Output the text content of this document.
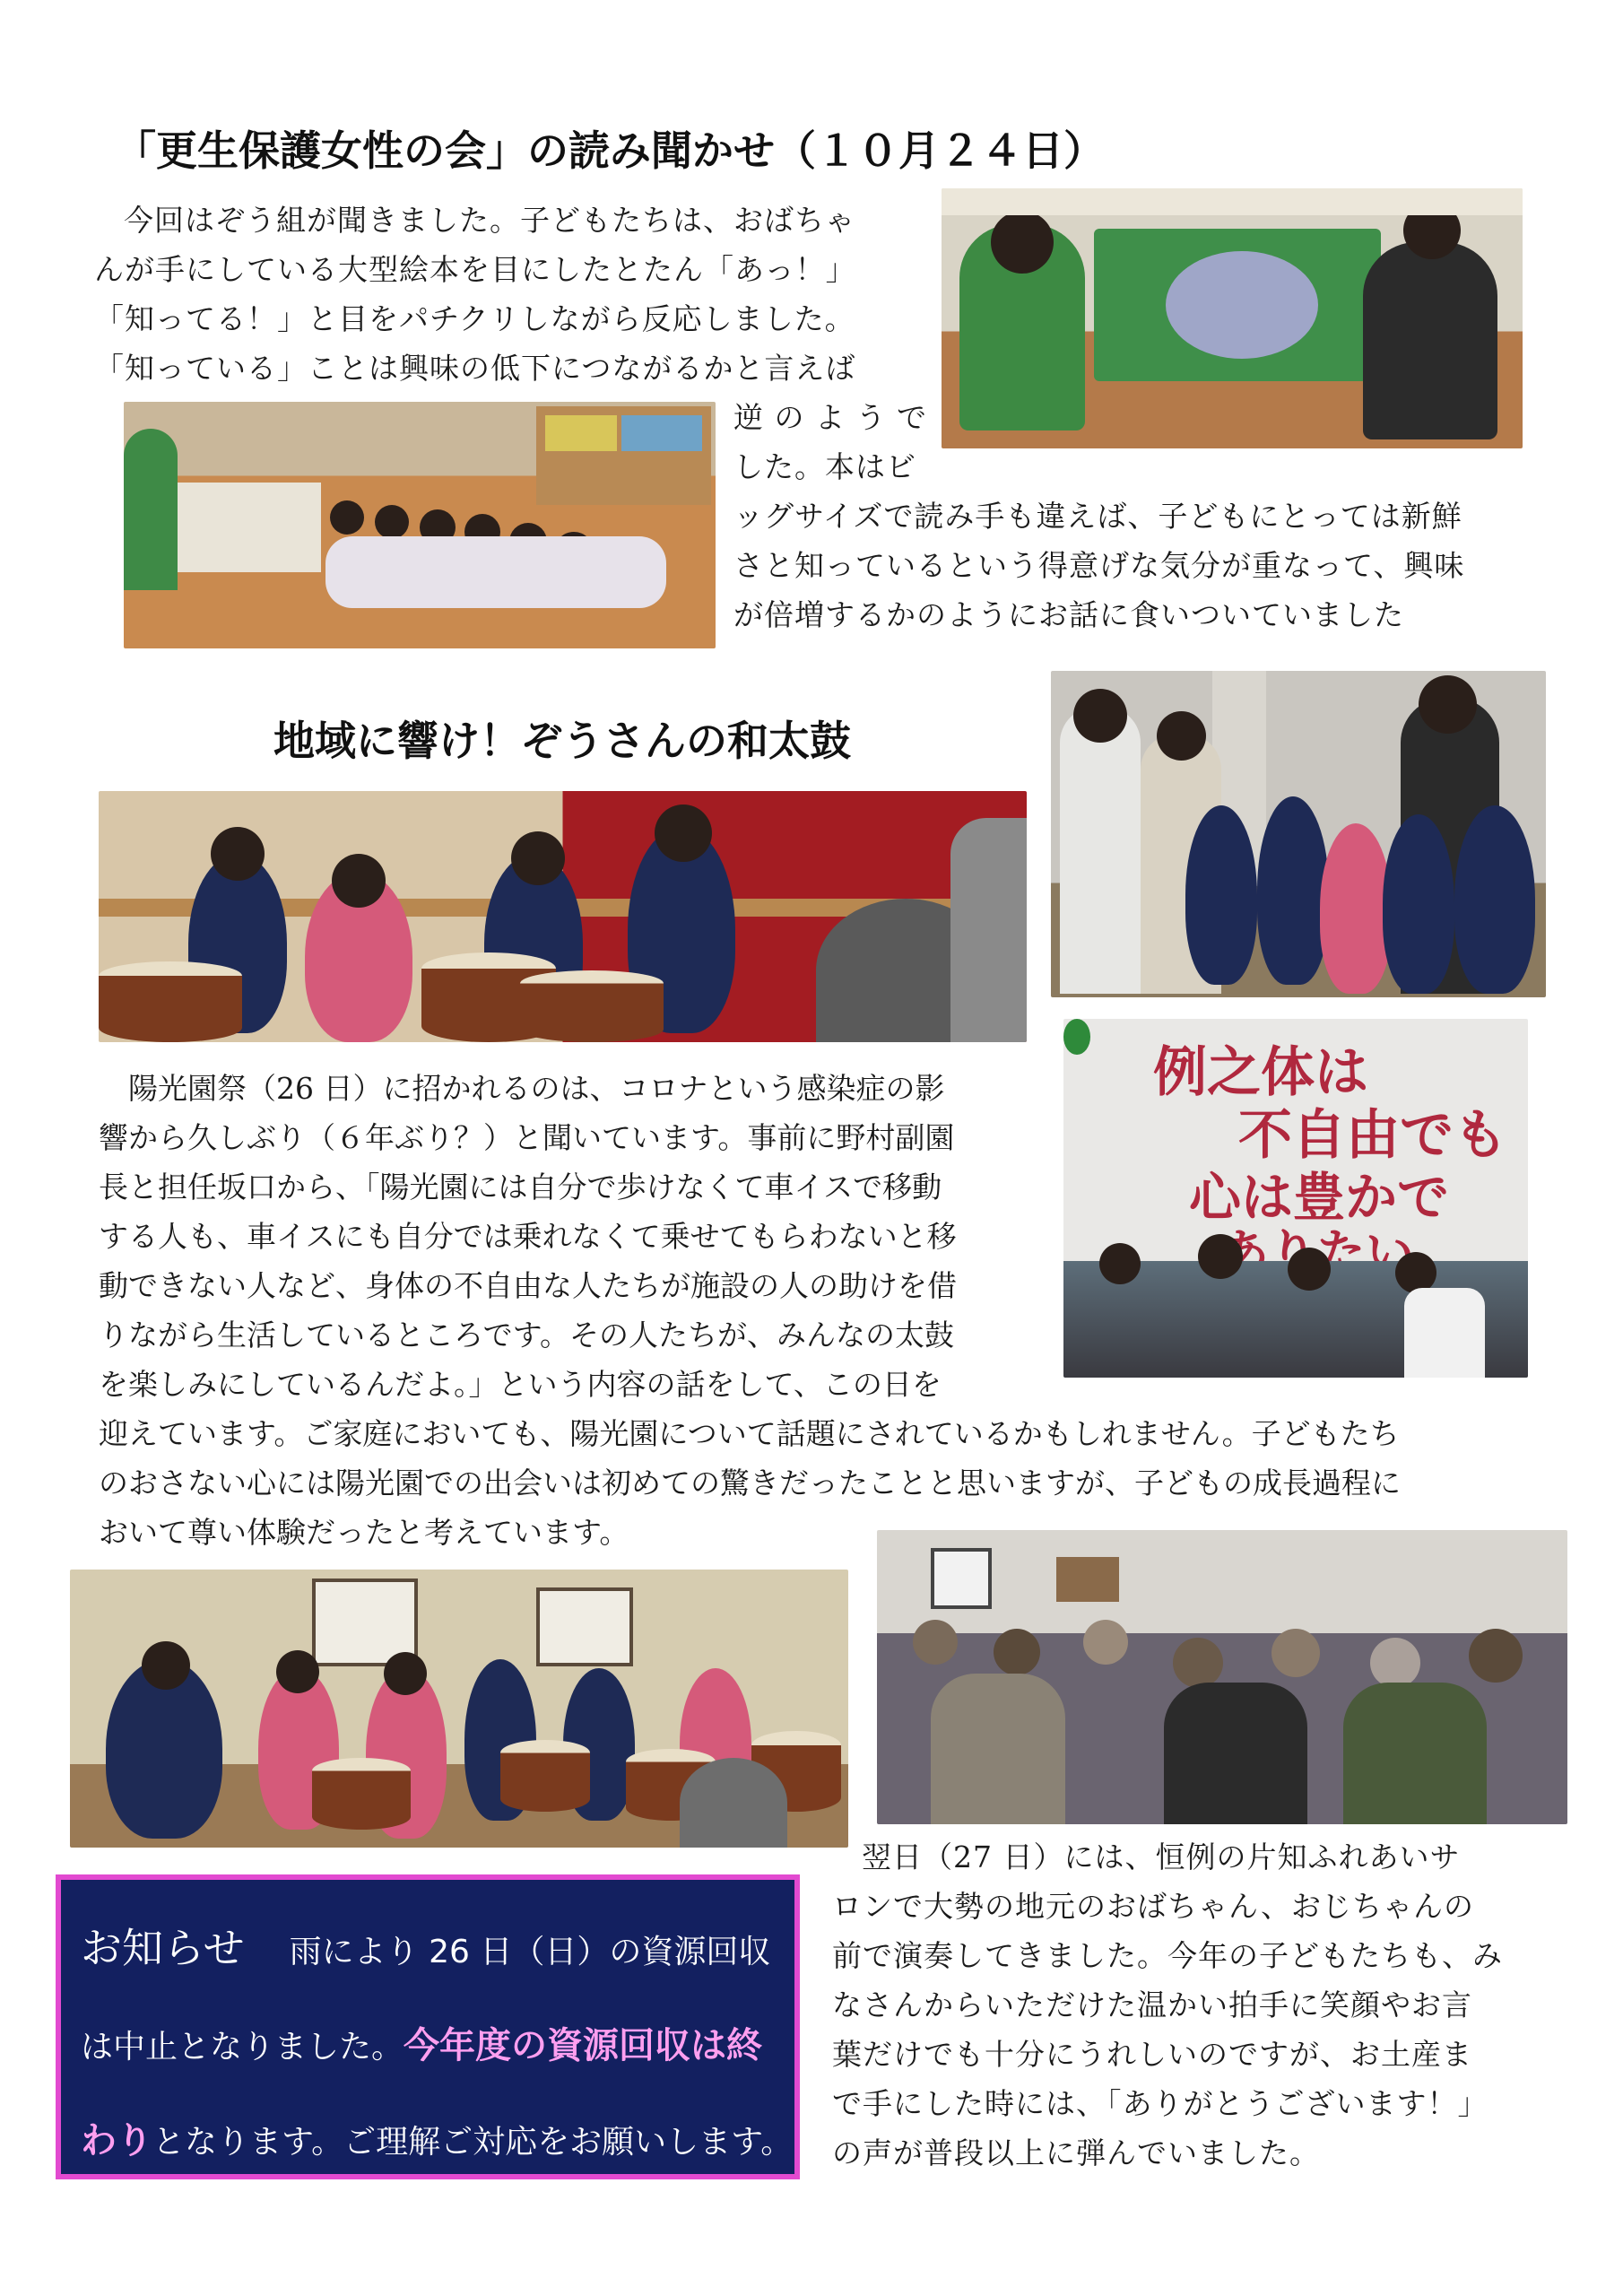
「更生保護女性の会」の読み聞かせ（１０月２４日）

今回はぞう組が聞きました。子どもたちは、おばちゃ

んが手にしている大型絵本を目にしたとたん「あっ！」

「知ってる！」と目をパチクリしながら反応しました。

「知っている」ことは興味の低下につながるかと言えば

逆 の よ う で

した。本はビ

ッグサイズで読み手も違えば、子どもにとっては新鮮

さと知っているという得意げな気分が重なって、興味

が倍増するかのようにお話に食いついていました

地域に響け！ぞうさんの和太鼓
例之体は
不自由でも
心は豊かで

陽光園祭（26 日）に招かれるのは、コロナという感染症の影

響から久しぶり（６年ぶり？）と聞いています。事前に野村副園

長と担任坂口から、「陽光園には自分で歩けなくて車イスで移動

する人も、車イスにも自分では乗れなくて乗せてもらわないと移

動できない人など、身体の不自由な人たちが施設の人の助けを借

りながら生活しているところです。その人たちが、みんなの太鼓

を楽しみにしているんだよ。」という内容の話をして、この日を

迎えています。ご家庭においても、陽光園について話題にされているかもしれません。子どもたち

のおさない心には陽光園での出会いは初めての驚きだったことと思いますが、子どもの成長過程に

おいて尊い体験だったと考えています。

翌日（27 日）には、恒例の片知ふれあいサ

ロンで大勢の地元のおばちゃん、おじちゃんの

前で演奏してきました。今年の子どもたちも、み

なさんからいただけた温かい拍手に笑顔やお言

葉だけでも十分にうれしいのですが、お土産ま

で手にした時には、「ありがとうございます！」

の声が普段以上に弾んでいました。

お知らせ 雨により 26 日（日）の資源回収
は中止となりました。今年度の資源回収は終
わりとなります。ご理解ご対応をお願いします。
